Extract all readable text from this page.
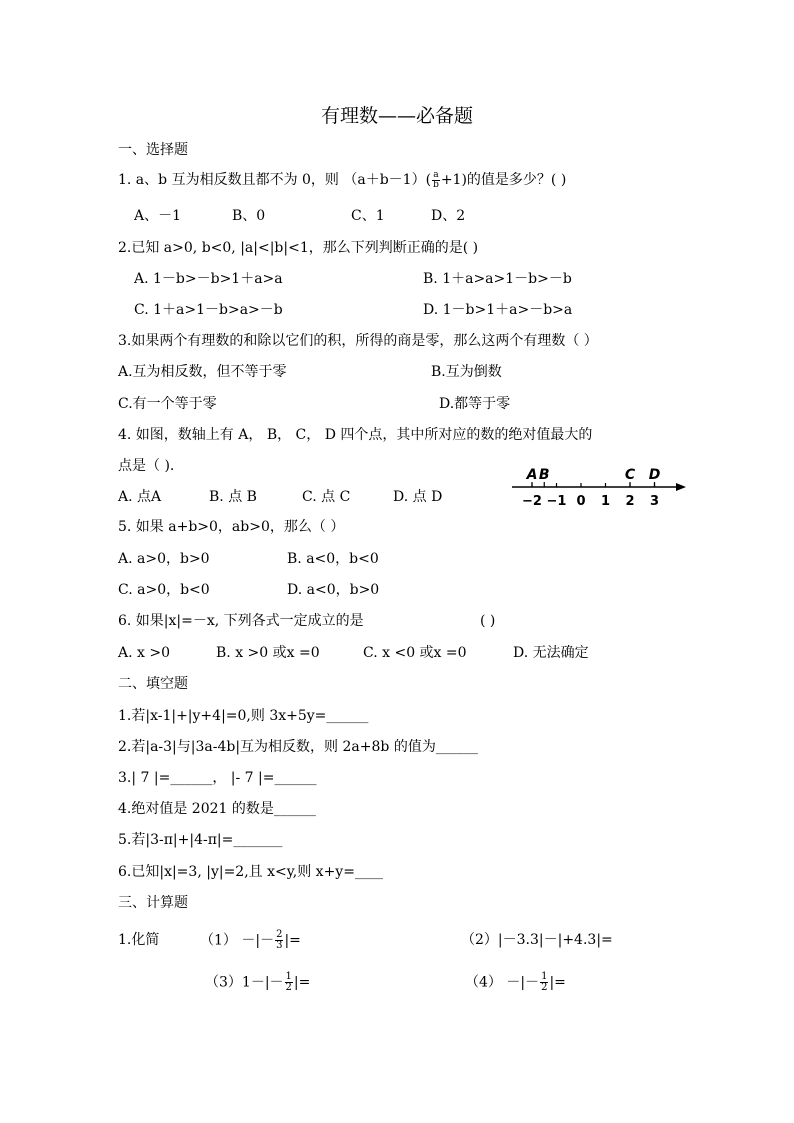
有理数——必备题
一、选择题
1. a、b 互为相反数且都不为 0，则 $(a+b-1)( \frac{a}{b} +1)$的值是多少？( )
A、－1	B、0	C、1	D、2
2.已知 a>0, b<0, |a|<|b|<1，那么下列判断正确的是( )
A. 1－b>－b>1＋a>a	B. 1＋a>a>1－b>－b
C. 1＋a>1－b>a>－b	D. 1－b>1＋a>－b>a
3.如果两个有理数的和除以它们的积，所得的商是零，那么这两个有理数（ ）
A.互为相反数，但不等于零	B.互为倒数
C.有一个等于零	D.都等于零
4. 如图，数轴上有 A， B， C， D 四个点，其中所对应的数的绝对值最大的
点是（ ).
A. 点A	B. 点 B	C. 点 C	D. 点 D	−2 −1 0 1 2 3
A B	C D
5. 如果 a+b>0，ab>0，那么（ ）
A. a>0，b>0	B. a<0，b<0
C. a>0，b<0	D. a<0，b>0
6. 如果|x|=－x, 下列各式一定成立的是	( )
A. x >0	B. x >0 或x =0	C. x <0 或x =0	D. 无法确定
二、填空题
1.若|x-1|+|y+4|=0,则 3x+5y=______
2.若|a-3|与|3a-4b|互为相反数，则 2a+8b 的值为______
3.| 7 |=______， |- 7 |=______
4.绝对值是 2021 的数是______
5.若|3-π|+|4-π|=_______
6.已知|x|=3, |y|=2,且 x<y,则 x+y=____
三、计算题
1.化简	（1） －|－ $\frac{2}{3}$ |=	（2）|－3.3|－|+4.3|=
$(3)1-|- \frac{1}{2}$ |=	（4） －|－ $\frac{1}{2}$ |=
